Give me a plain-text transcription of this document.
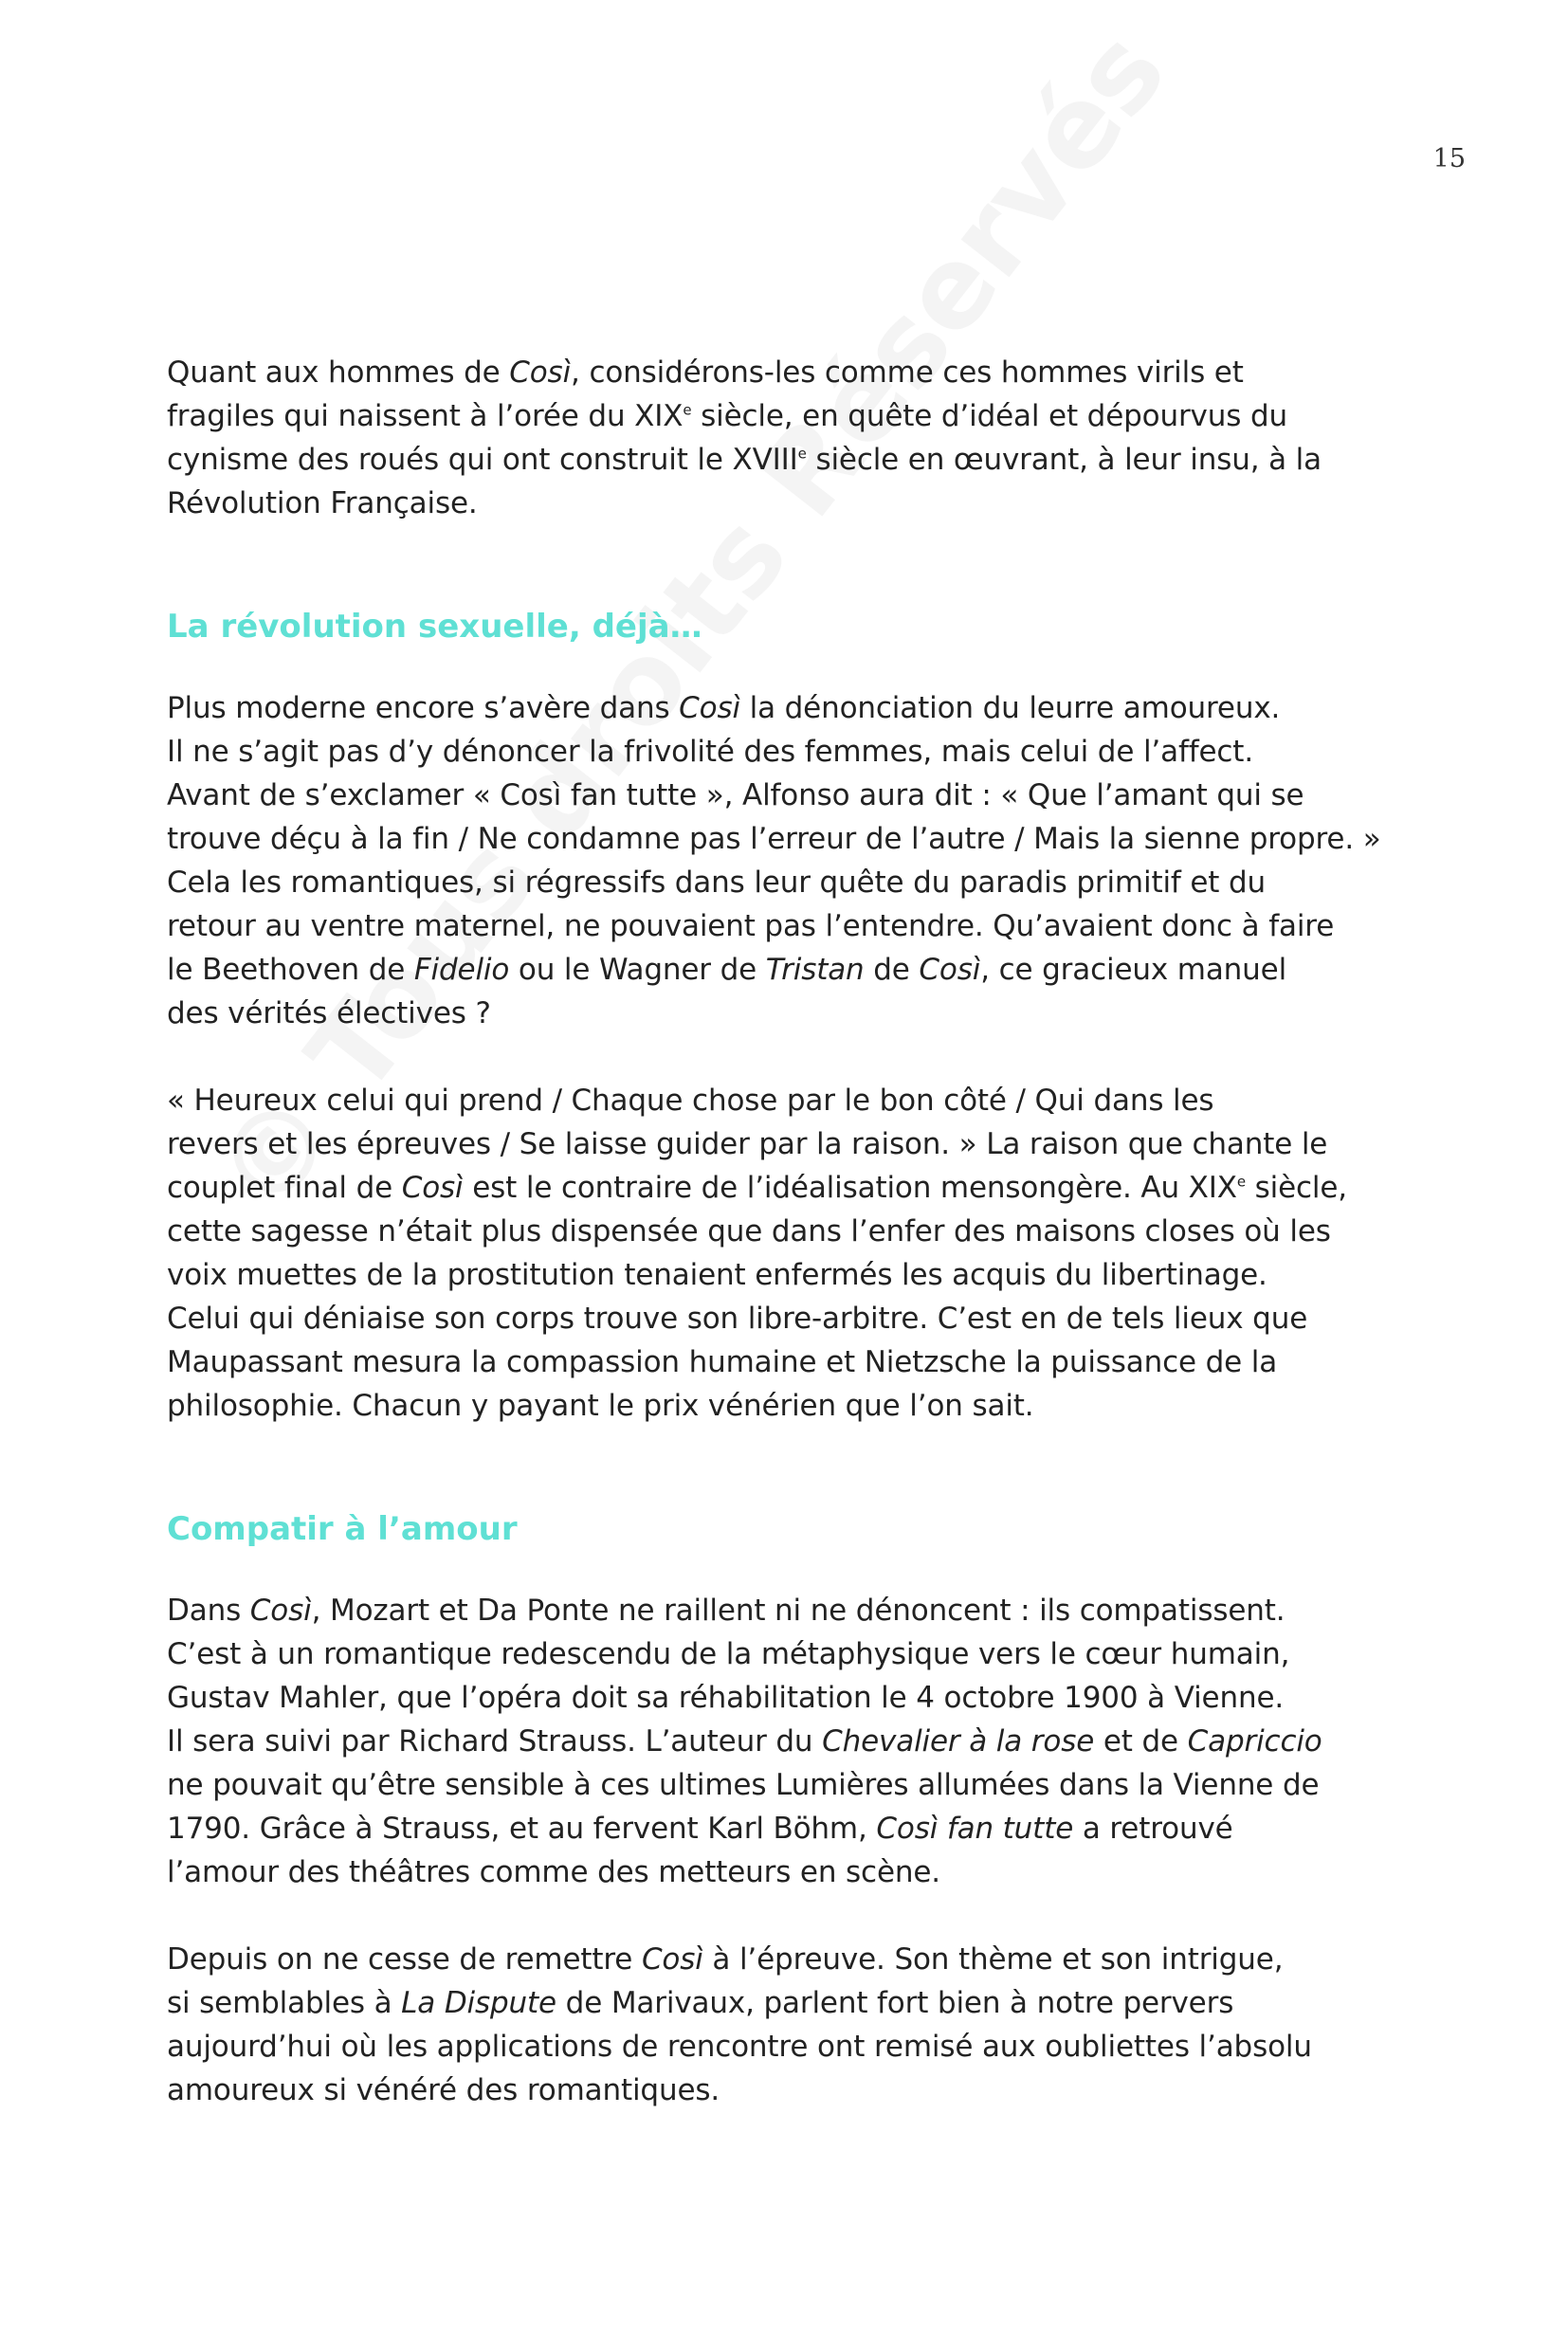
15

Quant aux hommes de Così, considérons-les comme ces hommes virils et
fragiles qui naissent à l’orée du XIXe siècle, en quête d’idéal et dépourvus du
cynisme des roués qui ont construit le XVIIIe siècle en œuvrant, à leur insu, à la
Révolution Française.

La révolution sexuelle, déjà…

Plus moderne encore s’avère dans Così la dénonciation du leurre amoureux.
Il ne s’agit pas d’y dénoncer la frivolité des femmes, mais celui de l’affect.
Avant de s’exclamer « Così fan tutte », Alfonso aura dit : « Que l’amant qui se
trouve déçu à la fin / Ne condamne pas l’erreur de l’autre / Mais la sienne propre. »
Cela les romantiques, si régressifs dans leur quête du paradis primitif et du
retour au ventre maternel, ne pouvaient pas l’entendre. Qu’avaient donc à faire
le Beethoven de Fidelio ou le Wagner de Tristan de Così, ce gracieux manuel
des vérités électives ?

« Heureux celui qui prend / Chaque chose par le bon côté / Qui dans les
revers et les épreuves / Se laisse guider par la raison. » La raison que chante le
couplet final de Così est le contraire de l’idéalisation mensongère. Au XIXe siècle,
cette sagesse n’était plus dispensée que dans l’enfer des maisons closes où les
voix muettes de la prostitution tenaient enfermés les acquis du libertinage.
Celui qui déniaise son corps trouve son libre-arbitre. C’est en de tels lieux que
Maupassant mesura la compassion humaine et Nietzsche la puissance de la
philosophie. Chacun y payant le prix vénérien que l’on sait.

Compatir à l’amour

Dans Così, Mozart et Da Ponte ne raillent ni ne dénoncent : ils compatissent.
C’est à un romantique redescendu de la métaphysique vers le cœur humain,
Gustav Mahler, que l’opéra doit sa réhabilitation le 4 octobre 1900 à Vienne.
Il sera suivi par Richard Strauss. L’auteur du Chevalier à la rose et de Capriccio
ne pouvait qu’être sensible à ces ultimes Lumières allumées dans la Vienne de
1790. Grâce à Strauss, et au fervent Karl Böhm, Così fan tutte a retrouvé
l’amour des théâtres comme des metteurs en scène.

Depuis on ne cesse de remettre Così à l’épreuve. Son thème et son intrigue,
si semblables à La Dispute de Marivaux, parlent fort bien à notre pervers
aujourd’hui où les applications de rencontre ont remisé aux oubliettes l’absolu
amoureux si vénéré des romantiques.
